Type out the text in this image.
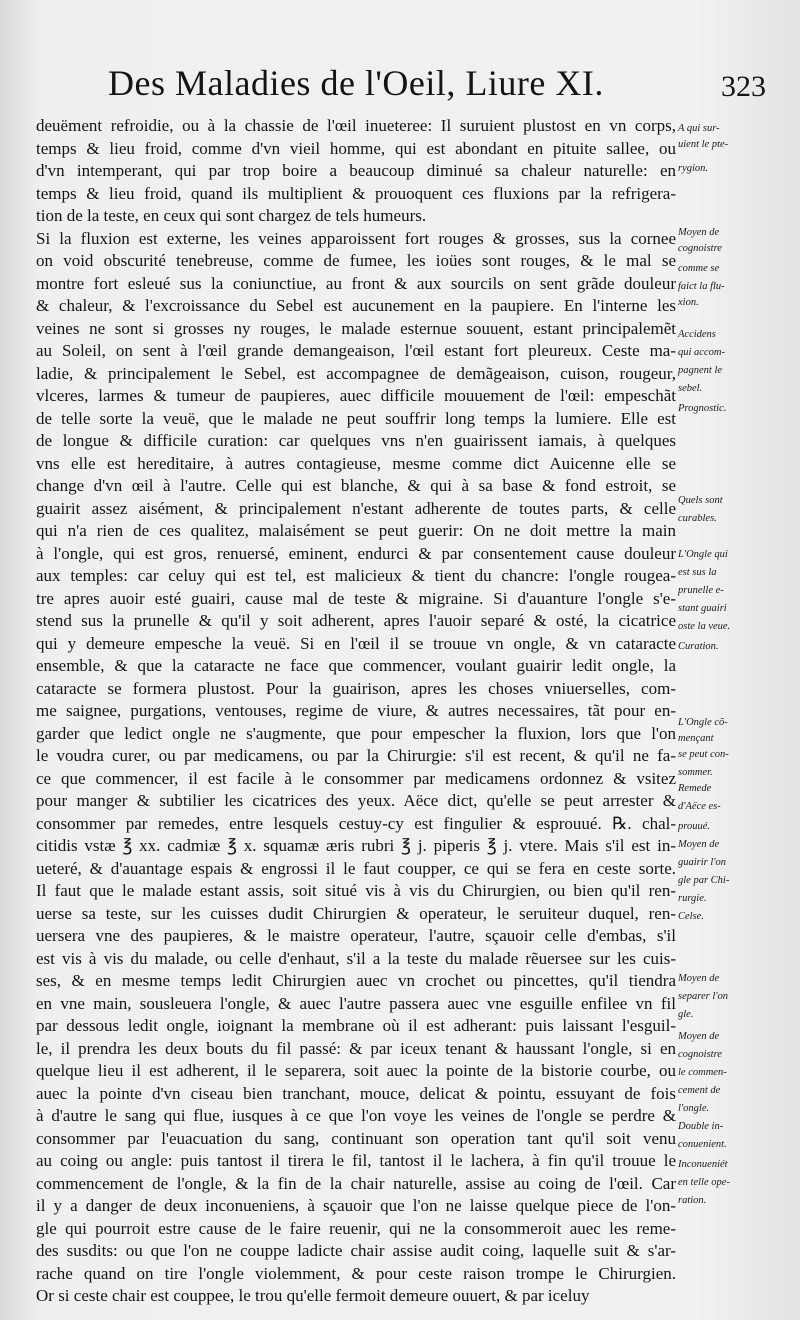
Des Maladies de l'Oeil, Liure XI.	323
deuëment refroidie, ou à la chassie de l'œil inueteree: Il suruient plustost en vn corps,
temps & lieu froid, comme d'vn vieil homme, qui est abondant en pituite sallee, ou
d'vn intemperant, qui par trop boire a beaucoup diminué sa chaleur naturelle: en
temps & lieu froid, quand ils multiplient & prouoquent ces fluxions par la refrigera-
tion de la teste, en ceux qui sont chargez de tels humeurs.
Si la fluxion est externe, les veines apparoissent fort rouges & grosses, sus la cornee
on void obscurité tenebreuse, comme de fumee, les ioües sont rouges, & le mal se
montre fort esleué sus la coniunctiue, au front & aux sourcils on sent grãde douleur
& chaleur, & l'excroissance du Sebel est aucunement en la paupiere. En l'interne les
veines ne sont si grosses ny rouges, le malade esternue souuent, estant principalemẽt
au Soleil, on sent à l'œil grande demangeaison, l'œil estant fort pleureux. Ceste ma-
ladie, & principalement le Sebel, est accompagnee de demãgeaison, cuison, rougeur,
vlceres, larmes & tumeur de paupieres, auec difficile mouuement de l'œil: empeschãt
de telle sorte la veuë, que le malade ne peut souffrir long temps la lumiere. Elle est
de longue & difficile curation: car quelques vns n'en guairissent iamais, à quelques
vns elle est hereditaire, à autres contagieuse, mesme comme dict Auicenne elle se
change d'vn œil à l'autre. Celle qui est blanche, & qui à sa base & fond estroit, se
guairit assez aisément, & principalement n'estant adherente de toutes parts, & celle
qui n'a rien de ces qualitez, malaisément se peut guerir: On ne doit mettre la main
à l'ongle, qui est gros, renuersé, eminent, endurci & par consentement cause douleur
aux temples: car celuy qui est tel, est malicieux & tient du chancre: l'ongle rougea-
tre apres auoir esté guairi, cause mal de teste & migraine. Si d'auanture l'ongle s'e-
stend sus la prunelle & qu'il y soit adherent, apres l'auoir separé & osté, la cicatrice
qui y demeure empesche la veuë. Si en l'œil il se trouue vn ongle, & vn cataracte
ensemble, & que la cataracte ne face que commencer, voulant guairir ledit ongle, la
cataracte se formera plustost. Pour la guairison, apres les choses vniuerselles, com-
me saignee, purgations, ventouses, regime de viure, & autres necessaires, tãt pour en-
garder que ledict ongle ne s'augmente, que pour empescher la fluxion, lors que l'on
le voudra curer, ou par medicamens, ou par la Chirurgie: s'il est recent, & qu'il ne fa-
ce que commencer, il est facile à le consommer par medicamens ordonnez & vsitez
pour manger & subtilier les cicatrices des yeux. Aëce dict, qu'elle se peut arrester &
consommer par remedes, entre lesquels cestuy-cy est fingulier & esprouué. ℞. chal-
citidis vstæ ℥ xx. cadmiæ ℥ x. squamæ æris rubri ℥ j. piperis ℥ j. vtere. Mais s'il est in-
ueteré, & d'auantage espais & engrossi il le faut coupper, ce qui se fera en ceste sorte.
Il faut que le malade estant assis, soit situé vis à vis du Chirurgien, ou bien qu'il ren-
uerse sa teste, sur les cuisses dudit Chirurgien & operateur, le seruiteur duquel, ren-
uersera vne des paupieres, & le maistre operateur, l'autre, sçauoir celle d'embas, s'il
est vis à vis du malade, ou celle d'enhaut, s'il a la teste du malade rẽuersee sur les cuis-
ses, & en mesme temps ledit Chirurgien auec vn crochet ou pincettes, qu'il tiendra
en vne main, sousleuera l'ongle, & auec l'autre passera auec vne esguille enfilee vn fil
par dessous ledit ongle, ioignant la membrane où il est adherant: puis laissant l'esguil-
le, il prendra les deux bouts du fil passé: & par iceux tenant & haussant l'ongle, si en
quelque lieu il est adherent, il le separera, soit auec la pointe de la bistorie courbe, ou
auec la pointe d'vn ciseau bien tranchant, mouce, delicat & pointu, essuyant de fois
à d'autre le sang qui flue, iusques à ce que l'on voye les veines de l'ongle se perdre &
consommer par l'euacuation du sang, continuant son operation tant qu'il soit venu
au coing ou angle: puis tantost il tirera le fil, tantost il le lachera, à fin qu'il trouue le
commencement de l'ongle, & la fin de la chair naturelle, assise au coing de l'œil. Car
il y a danger de deux inconueniens, à sçauoir que l'on ne laisse quelque piece de l'on-
gle qui pourroit estre cause de le faire reuenir, qui ne la consommeroit auec les reme-
des susdits: ou que l'on ne couppe ladicte chair assise audit coing, laquelle suit & s'ar-
rache quand on tire l'ongle violemment, & pour ceste raison trompe le Chirurgien.
Or si ceste chair est couppee, le trou qu'elle fermoit demeure ouuert, & par iceluy
A qui sur-
uient le pte-
rygion.
Moyen de
cognoistre
comme se
faict la flu-
xion.
Accidens
qui accom-
pagnent le
sebel.
Prognostic.
Quels sont
curables.
L'Ongle qui
est sus la
prunelle e-
stant guairi
oste la veue.
Curation.
L'Ongle cõ-
mençant
se peut con-
sommer.
Remede
d'Aëce es-
prouué.
Moyen de
guairir l'on
gle par Chi-
rurgie.
Celse.
Moyen de
separer l'on
gle.
Moyen de
cognoistre
le commen-
cement de
l'ongle.
Double in-
conuenient.
Inconueniét
en telle ope-
ration.
